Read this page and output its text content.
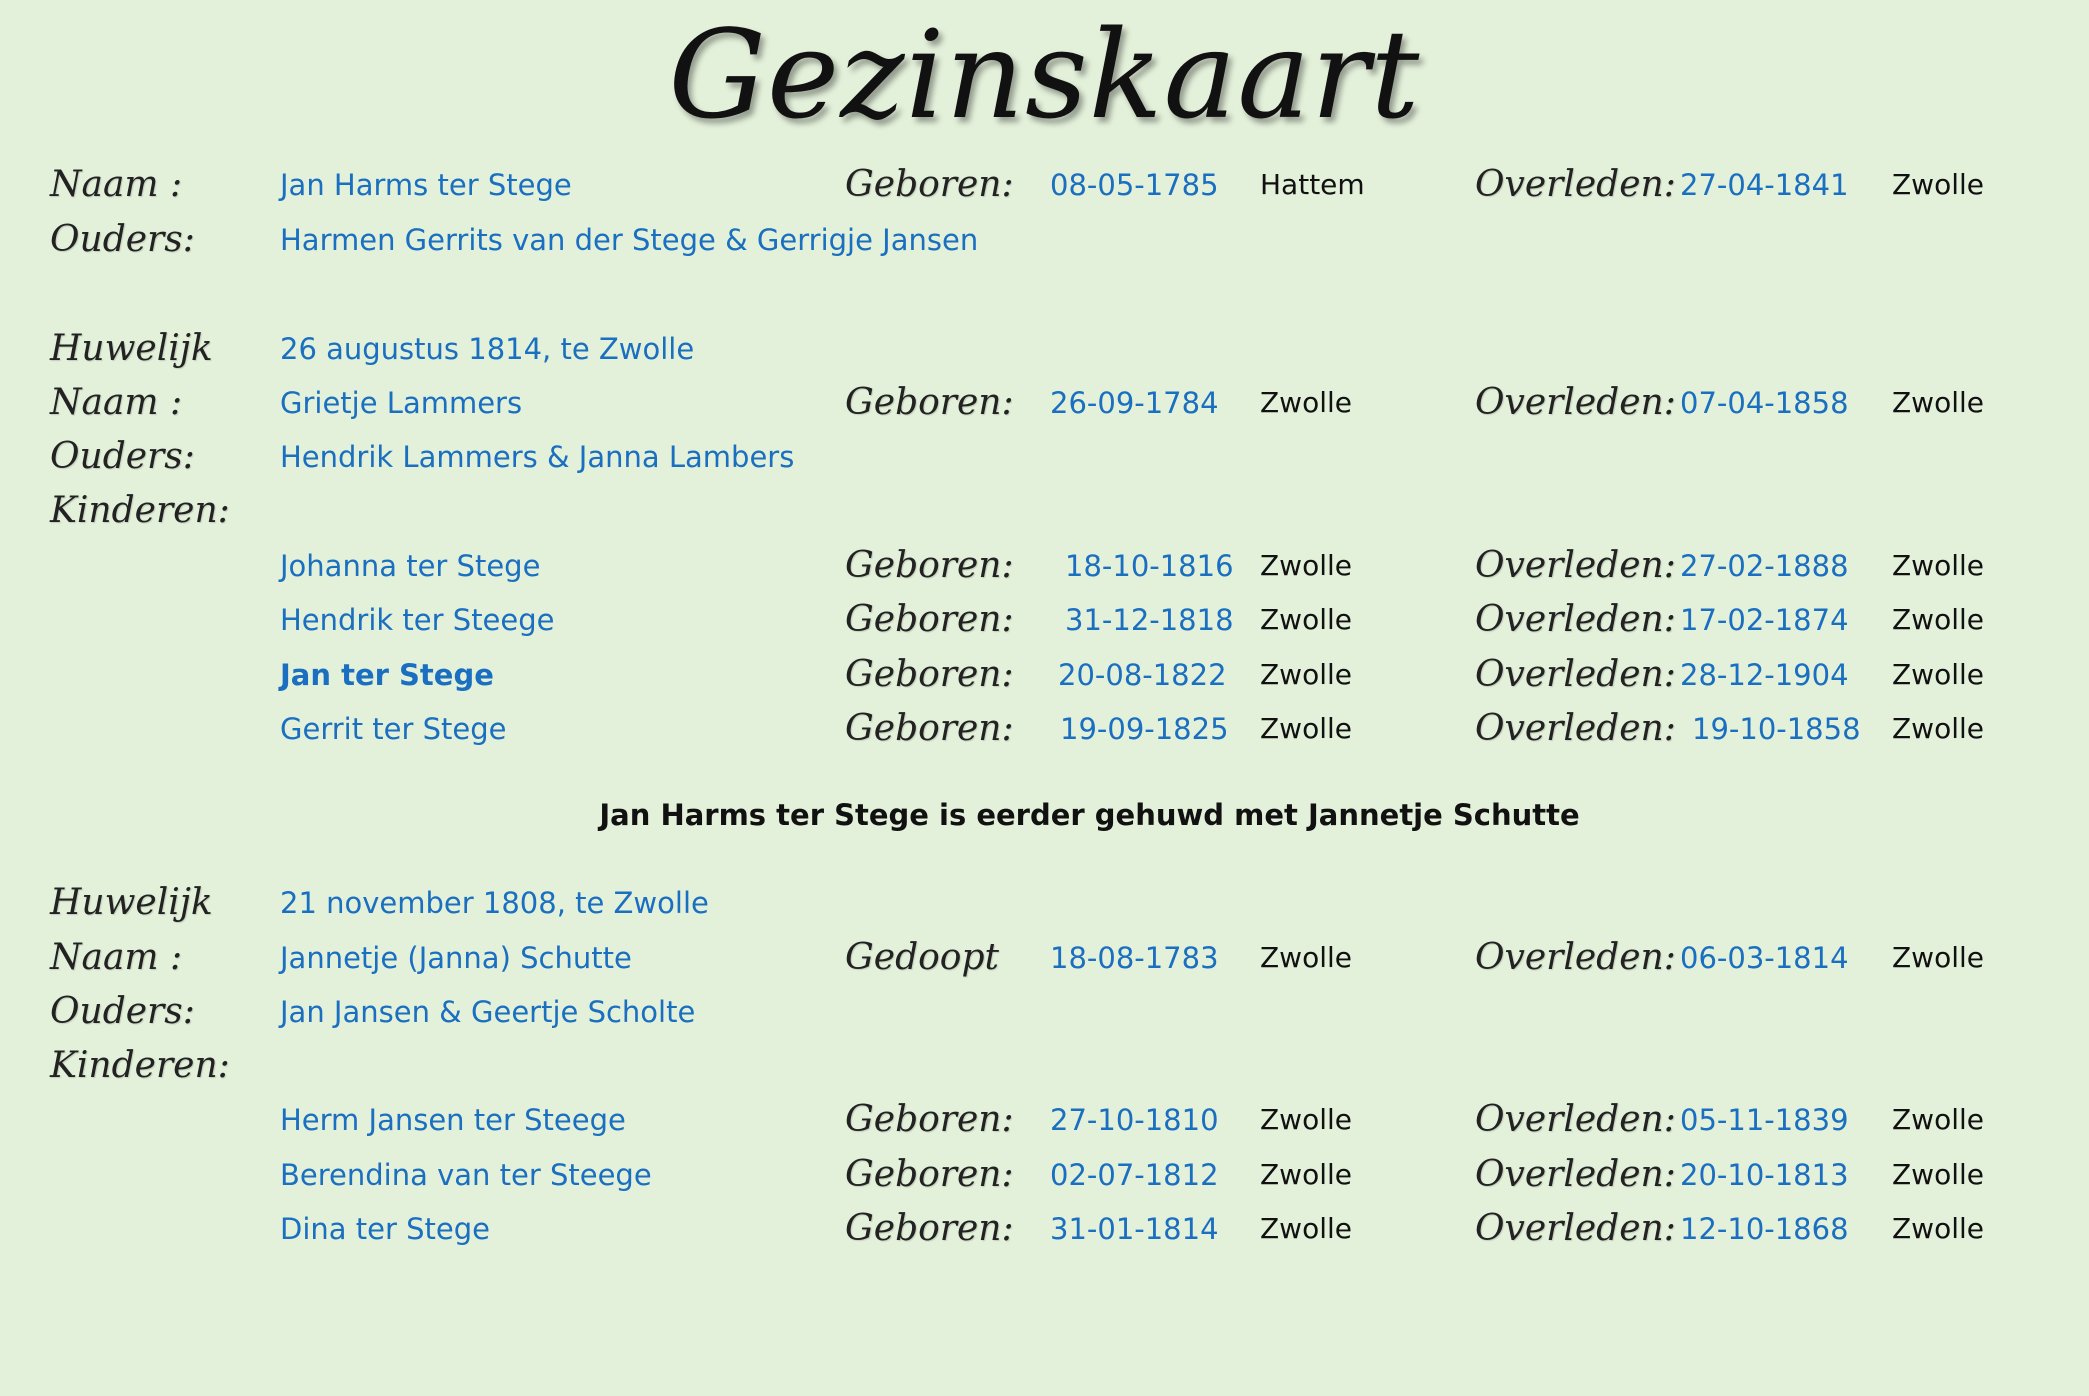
Gezinskaart
Naam :	Jan Harms ter Stege	Geboren: 08-05-1785 Hattem	Overleden: 27-04-1841 Zwolle
Ouders:	Harmen Gerrits van der Stege & Gerrigje Jansen
Huwelijk 26 augustus 1814, te Zwolle
Naam :	Grietje Lammers	Geboren: 26-09-1784 Zwolle	Overleden: 07-04-1858 Zwolle
Ouders:	Hendrik Lammers & Janna Lambers
Kinderen:
Johanna ter Stege	Geboren: 18-10-1816 Zwolle	Overleden: 27-02-1888 Zwolle
Hendrik ter Steege	Geboren: 31-12-1818 Zwolle	Overleden: 17-02-1874 Zwolle
Jan ter Stege	Geboren: 20-08-1822 Zwolle	Overleden: 28-12-1904 Zwolle
Gerrit ter Stege	Geboren: 19-09-1825 Zwolle	Overleden: 19-10-1858 Zwolle
Jan Harms ter Stege is eerder gehuwd met Jannetje Schutte
Huwelijk 21 november 1808, te Zwolle
Naam :	Jannetje (Janna) Schutte	Gedoopt 18-08-1783 Zwolle	Overleden: 06-03-1814 Zwolle
Ouders:	Jan Jansen & Geertje Scholte
Kinderen:
Herm Jansen ter Steege	Geboren: 27-10-1810 Zwolle	Overleden: 05-11-1839 Zwolle
Berendina van ter Steege	Geboren: 02-07-1812 Zwolle	Overleden: 20-10-1813 Zwolle
Dina ter Stege	Geboren: 31-01-1814 Zwolle	Overleden: 12-10-1868 Zwolle
